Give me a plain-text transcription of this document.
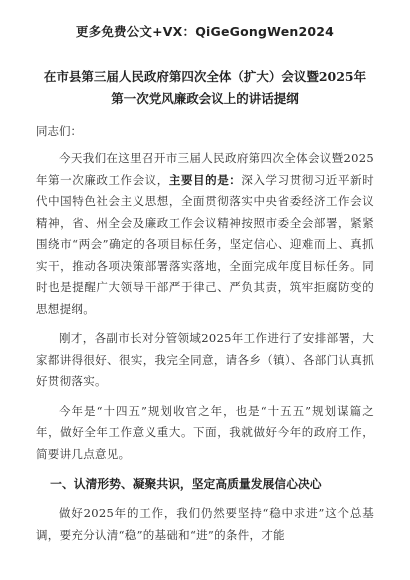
更多免费公文+VX：QiGeGongWen2024
在市县第三届人民政府第四次全体（扩大）会议暨2025年
第一次党风廉政会议上的讲话提纲
同志们：

今天我们在这里召开市三届人民政府第四次全体会议暨2025年第一次廉政工作会议，主要目的是：深入学习贯彻习近平新时代中国特色社会主义思想，全面贯彻落实中央省委经济工作会议精神，省、州全会及廉政工作会议精神按照市委全会部署，紧紧围绕市“两会”确定的各项目标任务，坚定信心、迎难而上、真抓实干，推动各项决策部署落实落地，全面完成年度目标任务。同时也是提醒广大领导干部严于律己、严负其责，筑牢拒腐防变的思想提纲。

刚才，各副市长对分管领域2025年工作进行了安排部署，大家都讲得很好、很实，我完全同意，请各乡（镇）、各部门认真抓好贯彻落实。

今年是“十四五”规划收官之年，也是“十五五”规划谋篇之年，做好全年工作意义重大。下面，我就做好今年的政府工作，简要讲几点意见。

一、认清形势、凝聚共识，坚定高质量发展信心决心

做好2025年的工作，我们仍然要坚持“稳中求进”这个总基调，要充分认清“稳”的基础和“进”的条件，才能
